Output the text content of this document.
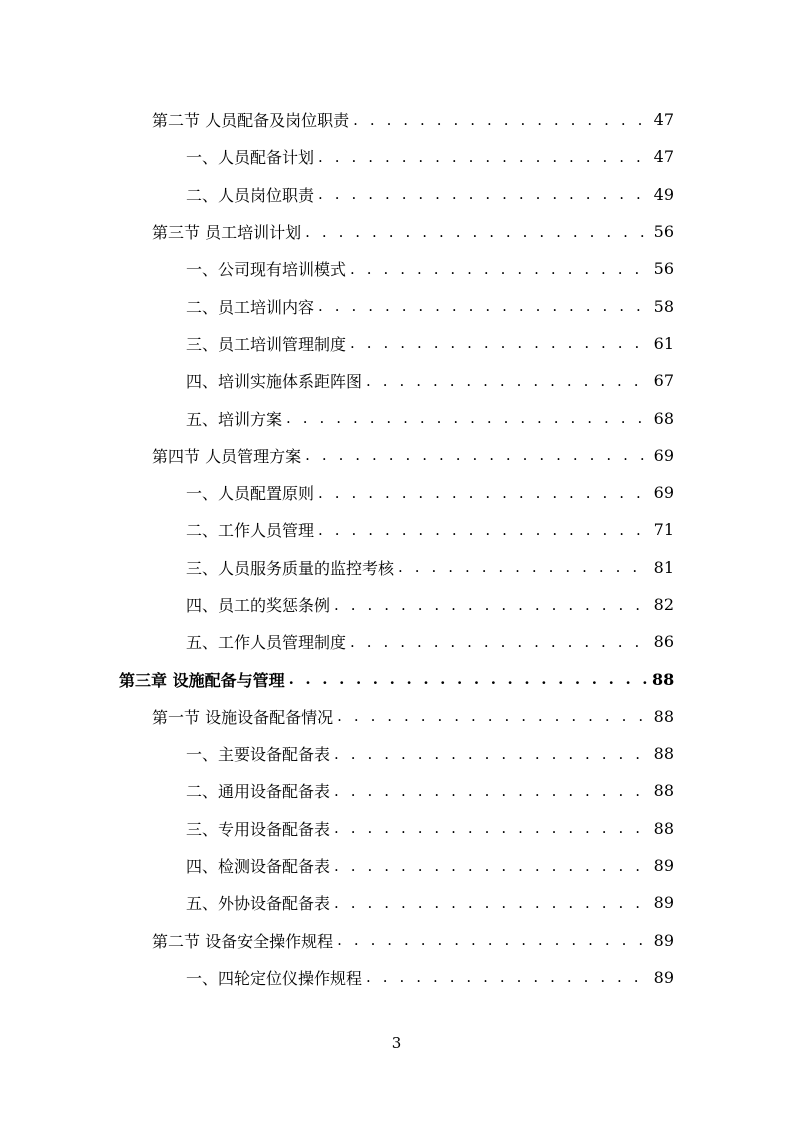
第二节 人员配备及岗位职责 . . .	47
一、人员配备计划 . . .	47
二、人员岗位职责 . . .	49
第三节 员工培训计划 . . .	56
一、公司现有培训模式 . . .	56
二、员工培训内容 . . .	58
三、员工培训管理制度 . . .	61
四、培训实施体系距阵图 . . .	67
五、培训方案 . . .	68
第四节 人员管理方案 . . .	69
一、人员配置原则 . . .	69
二、工作人员管理 . . .	71
三、人员服务质量的监控考核 . . .	81
四、员工的奖惩条例 . . .	82
五、工作人员管理制度 . . .	86
第三章 设施配备与管理 . . .	88
第一节 设施设备配备情况 . . .	88
一、主要设备配备表 . . .	88
二、通用设备配备表 . . .	88
三、专用设备配备表 . . .	88
四、检测设备配备表 . . .	89
五、外协设备配备表 . . .	89
第二节 设备安全操作规程 . . .	89
一、四轮定位仪操作规程 . . .	89
3
